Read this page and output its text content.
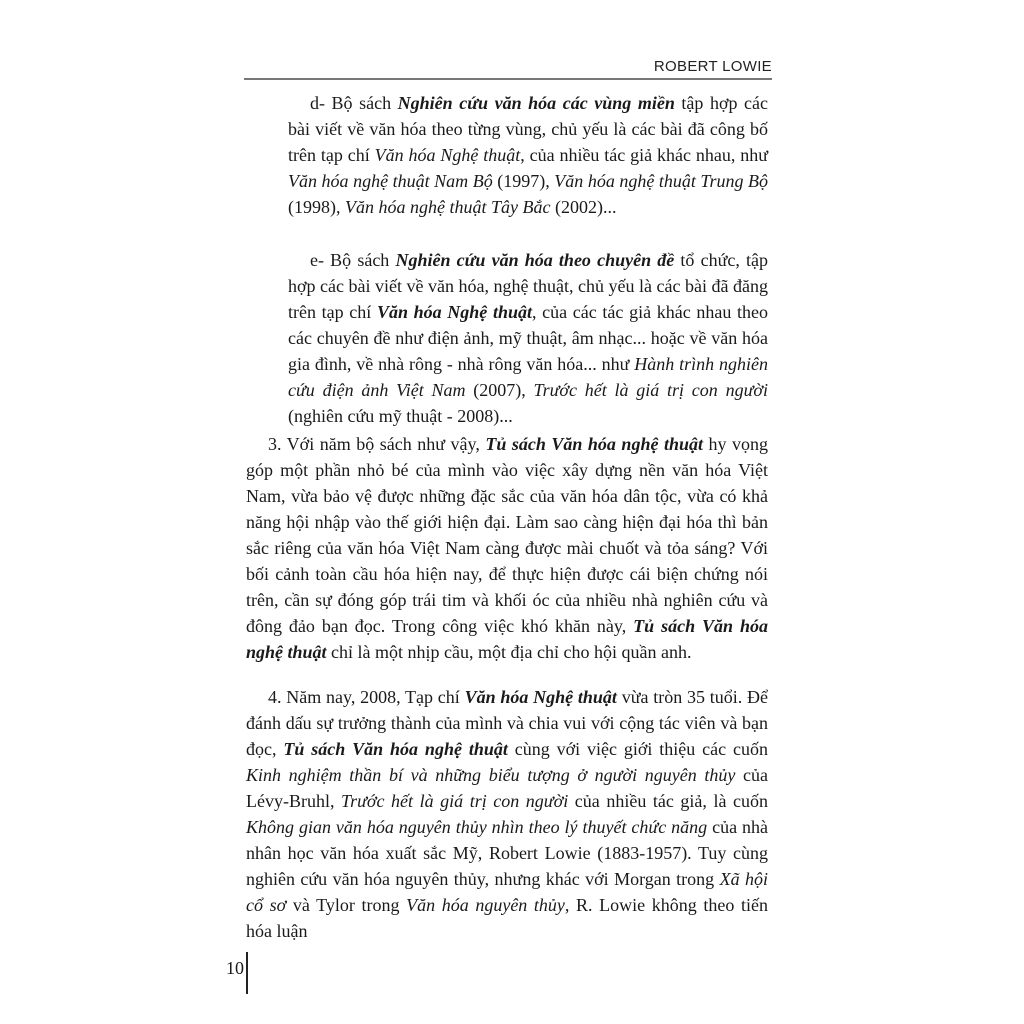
ROBERT LOWIE

d- Bộ sách Nghiên cứu văn hóa các vùng miền tập hợp các bài viết về văn hóa theo từng vùng, chủ yếu là các bài đã công bố trên tạp chí Văn hóa Nghệ thuật, của nhiều tác giả khác nhau, như Văn hóa nghệ thuật Nam Bộ (1997), Văn hóa nghệ thuật Trung Bộ (1998), Văn hóa nghệ thuật Tây Bắc (2002)...

e- Bộ sách Nghiên cứu văn hóa theo chuyên đề tổ chức, tập hợp các bài viết về văn hóa, nghệ thuật, chủ yếu là các bài đã đăng trên tạp chí Văn hóa Nghệ thuật, của các tác giả khác nhau theo các chuyên đề như điện ảnh, mỹ thuật, âm nhạc... hoặc về văn hóa gia đình, về nhà rông - nhà rông văn hóa... như Hành trình nghiên cứu điện ảnh Việt Nam (2007), Trước hết là giá trị con người (nghiên cứu mỹ thuật - 2008)...

3. Với năm bộ sách như vậy, Tủ sách Văn hóa nghệ thuật hy vọng góp một phần nhỏ bé của mình vào việc xây dựng nền văn hóa Việt Nam, vừa bảo vệ được những đặc sắc của văn hóa dân tộc, vừa có khả năng hội nhập vào thế giới hiện đại. Làm sao càng hiện đại hóa thì bản sắc riêng của văn hóa Việt Nam càng được mài chuốt và tỏa sáng? Với bối cảnh toàn cầu hóa hiện nay, để thực hiện được cái biện chứng nói trên, cần sự đóng góp trái tim và khối óc của nhiều nhà nghiên cứu và đông đảo bạn đọc. Trong công việc khó khăn này, Tủ sách Văn hóa nghệ thuật chỉ là một nhịp cầu, một địa chỉ cho hội quần anh.

4. Năm nay, 2008, Tạp chí Văn hóa Nghệ thuật vừa tròn 35 tuổi. Để đánh dấu sự trưởng thành của mình và chia vui với cộng tác viên và bạn đọc, Tủ sách Văn hóa nghệ thuật cùng với việc giới thiệu các cuốn Kinh nghiệm thần bí và những biểu tượng ở người nguyên thủy của Lévy-Bruhl, Trước hết là giá trị con người của nhiều tác giả, là cuốn Không gian văn hóa nguyên thủy nhìn theo lý thuyết chức năng của nhà nhân học văn hóa xuất sắc Mỹ, Robert Lowie (1883-1957). Tuy cùng nghiên cứu văn hóa nguyên thủy, nhưng khác với Morgan trong Xã hội cổ sơ và Tylor trong Văn hóa nguyên thủy, R. Lowie không theo tiến hóa luận

10
